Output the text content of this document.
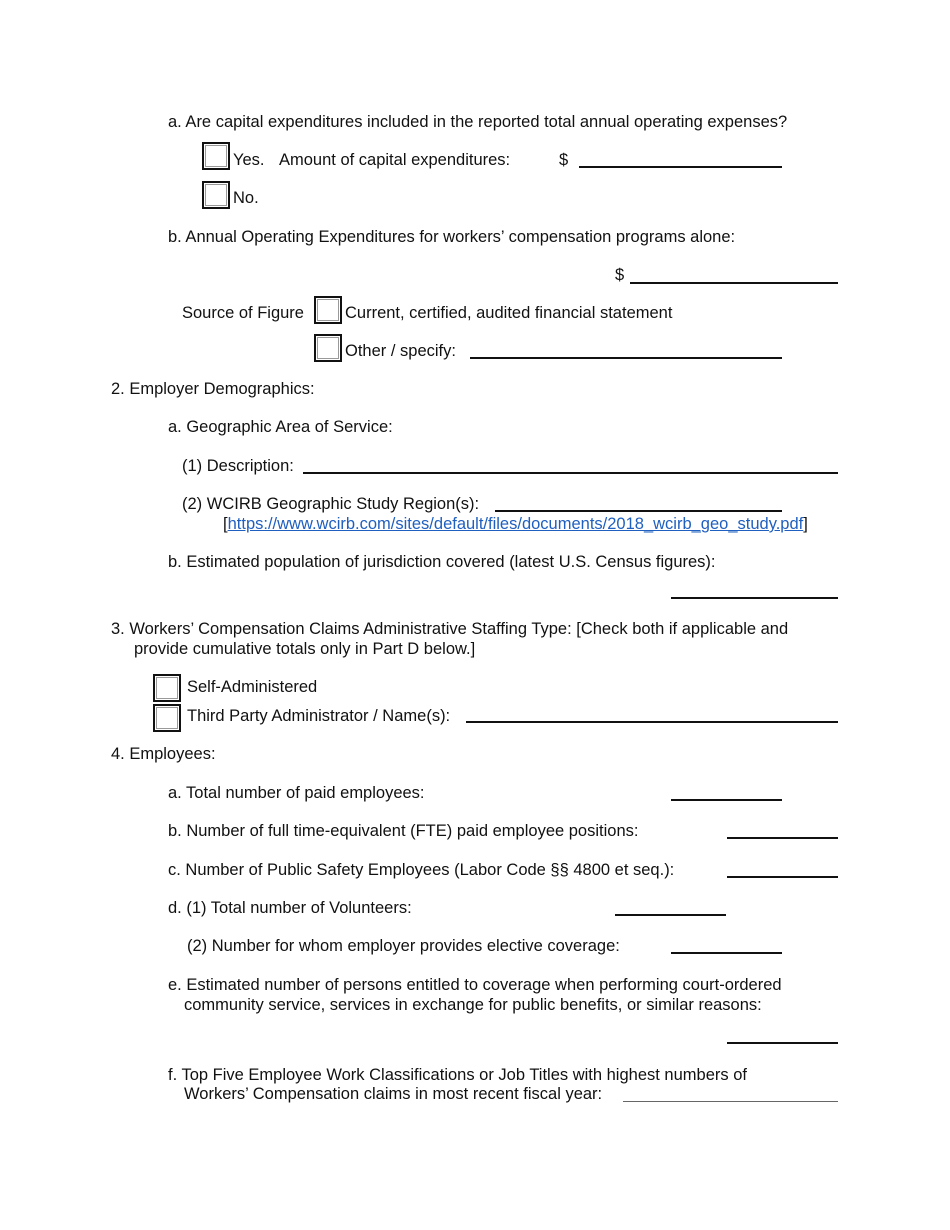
a. Are capital expenditures included in the reported total annual operating expenses?
Yes. Amount of capital expenditures:	$
No.
b. Annual Operating Expenditures for workers’ compensation programs alone:
$
Source of Figure Current, certified, audited financial statement
Other / specify:
2. Employer Demographics:
a. Geographic Area of Service:
(1) Description:
(2) WCIRB Geographic Study Region(s):
[https://www.wcirb.com/sites/default/files/documents/2018_wcirb_geo_study.pdf]
b. Estimated population of jurisdiction covered (latest U.S. Census figures):
3. Workers’ Compensation Claims Administrative Staffing Type: [Check both if applicable and
provide cumulative totals only in Part D below.]
Self-Administered
Third Party Administrator / Name(s):
4. Employees:
a. Total number of paid employees:
b. Number of full time-equivalent (FTE) paid employee positions:
c. Number of Public Safety Employees (Labor Code §§ 4800 et seq.):
d. (1) Total number of Volunteers:
(2) Number for whom employer provides elective coverage:
e. Estimated number of persons entitled to coverage when performing court-ordered
community service, services in exchange for public benefits, or similar reasons:
f. Top Five Employee Work Classifications or Job Titles with highest numbers of
Workers’ Compensation claims in most recent fiscal year:
